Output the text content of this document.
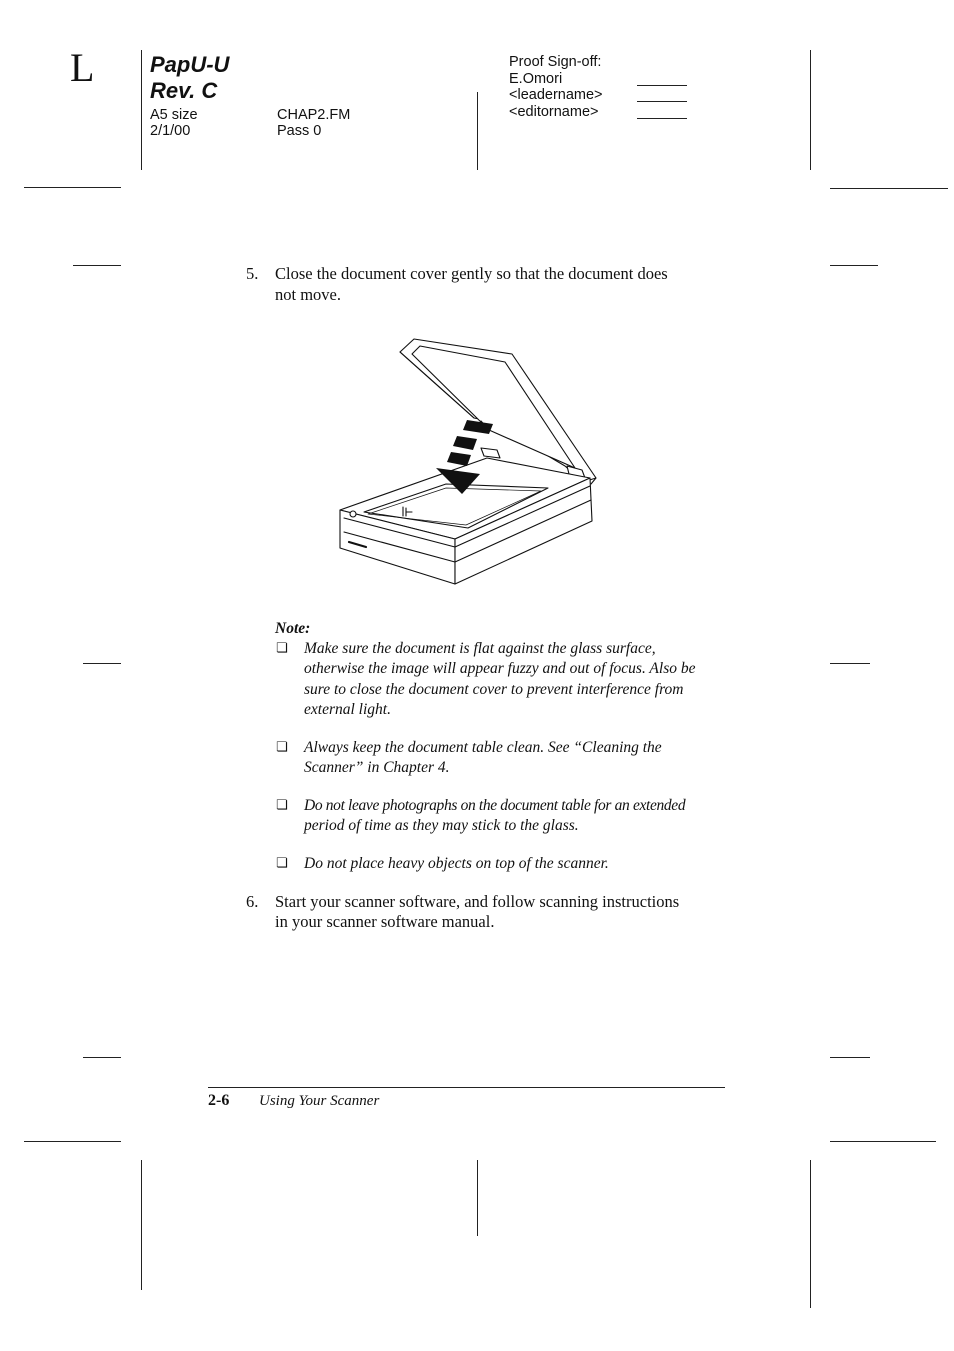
L	PapU-U
Rev. C
A5 size
2/1/00
CHAP2.FM
Pass 0
Proof Sign-off:
E.Omori
<leadername>
<editorname>
5. Close the document cover gently so that the document does
not move.
Note:
❏ Make sure the document is flat against the glass surface,
otherwise the image will appear fuzzy and out of focus. Also be
sure to close the document cover to prevent interference from
external light.
❏ Always keep the document table clean. See “Cleaning the
Scanner” in Chapter 4.
❏ Do not leave photographs on the document table for an extended
period of time as they may stick to the glass.
❏ Do not place heavy objects on top of the scanner.
6. Start your scanner software, and follow scanning instructions
in your scanner software manual.
2-6 Using Your Scanner
